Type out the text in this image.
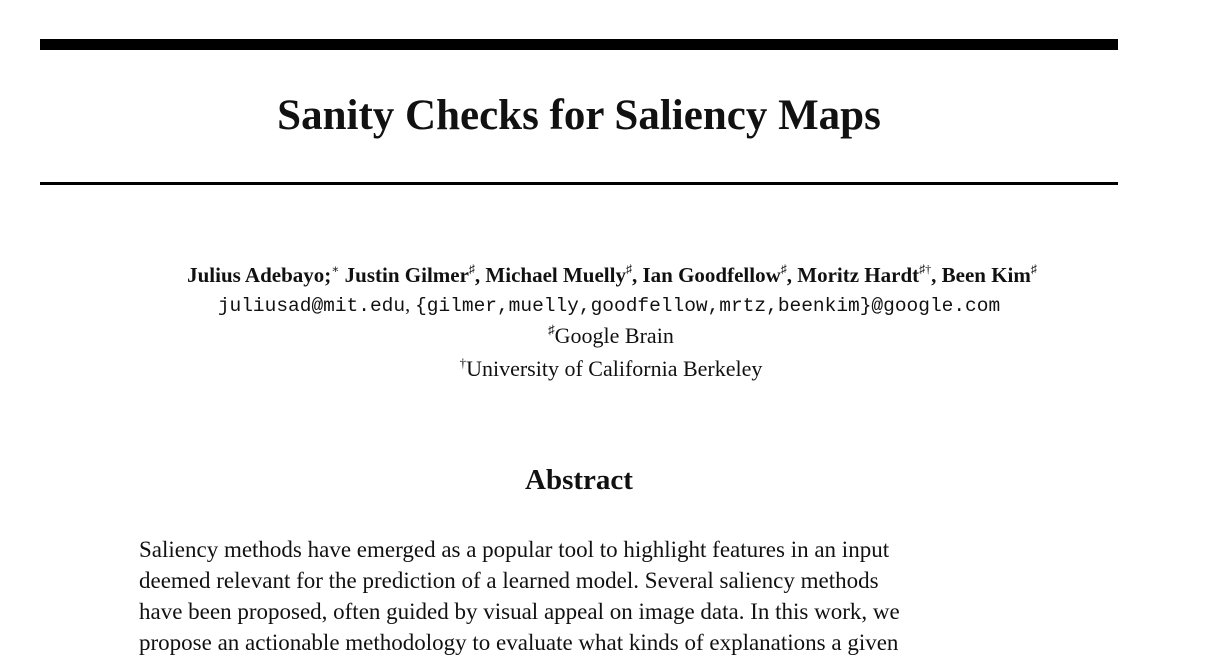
Sanity Checks for Saliency Maps
Julius Adebayo;∗ Justin Gilmer♯, Michael Muelly♯, Ian Goodfellow♯, Moritz Hardt♯†, Been Kim♯
juliusad@mit.edu, {gilmer,muelly,goodfellow,mrtz,beenkim}@google.com
♯Google Brain
†University of California Berkeley
Abstract
Saliency methods have emerged as a popular tool to highlight features in an input
deemed relevant for the prediction of a learned model. Several saliency methods
have been proposed, often guided by visual appeal on image data. In this work, we
propose an actionable methodology to evaluate what kinds of explanations a given
